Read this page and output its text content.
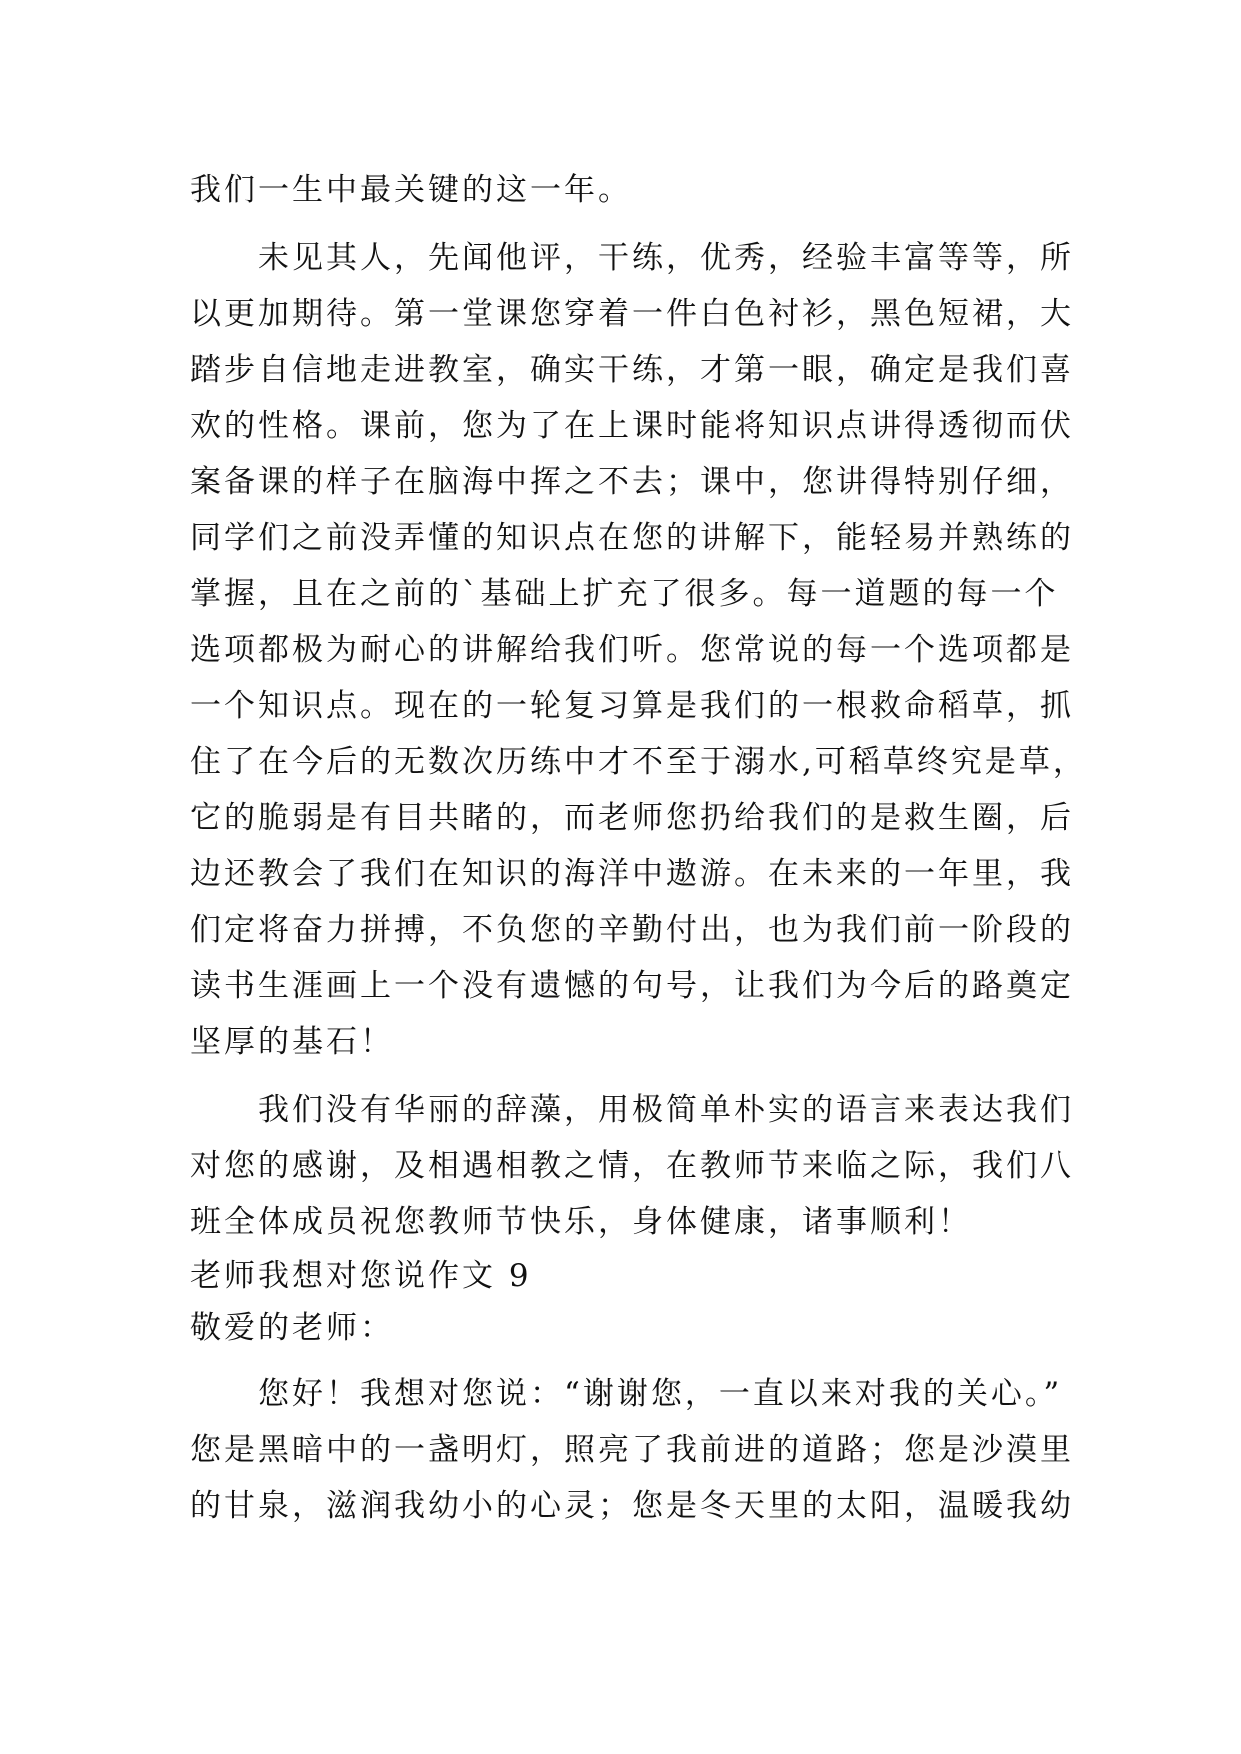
我们一生中最关键的这一年。
未见其人，先闻他评，干练，优秀，经验丰富等等，所
以更加期待。第一堂课您穿着一件白色衬衫，黑色短裙，大
踏步自信地走进教室，确实干练，才第一眼，确定是我们喜
欢的性格。课前，您为了在上课时能将知识点讲得透彻而伏
案备课的样子在脑海中挥之不去；课中，您讲得特别仔细，
同学们之前没弄懂的知识点在您的讲解下，能轻易并熟练的
掌握，且在之前的`基础上扩充了很多。每一道题的每一个
选项都极为耐心的讲解给我们听。您常说的每一个选项都是
一个知识点。现在的一轮复习算是我们的一根救命稻草，抓
住了在今后的无数次历练中才不至于溺水,可稻草终究是草，
它的脆弱是有目共睹的，而老师您扔给我们的是救生圈，后
边还教会了我们在知识的海洋中遨游。在未来的一年里，我
们定将奋力拼搏，不负您的辛勤付出，也为我们前一阶段的
读书生涯画上一个没有遗憾的句号，让我们为今后的路奠定
坚厚的基石！
我们没有华丽的辞藻，用极简单朴实的语言来表达我们
对您的感谢，及相遇相教之情，在教师节来临之际，我们八
班全体成员祝您教师节快乐，身体健康，诸事顺利！
老师我想对您说作文 9
敬爱的老师：
您好！我想对您说：“谢谢您，一直以来对我的关心。”
您是黑暗中的一盏明灯，照亮了我前进的道路；您是沙漠里
的甘泉，滋润我幼小的心灵；您是冬天里的太阳，温暖我幼
